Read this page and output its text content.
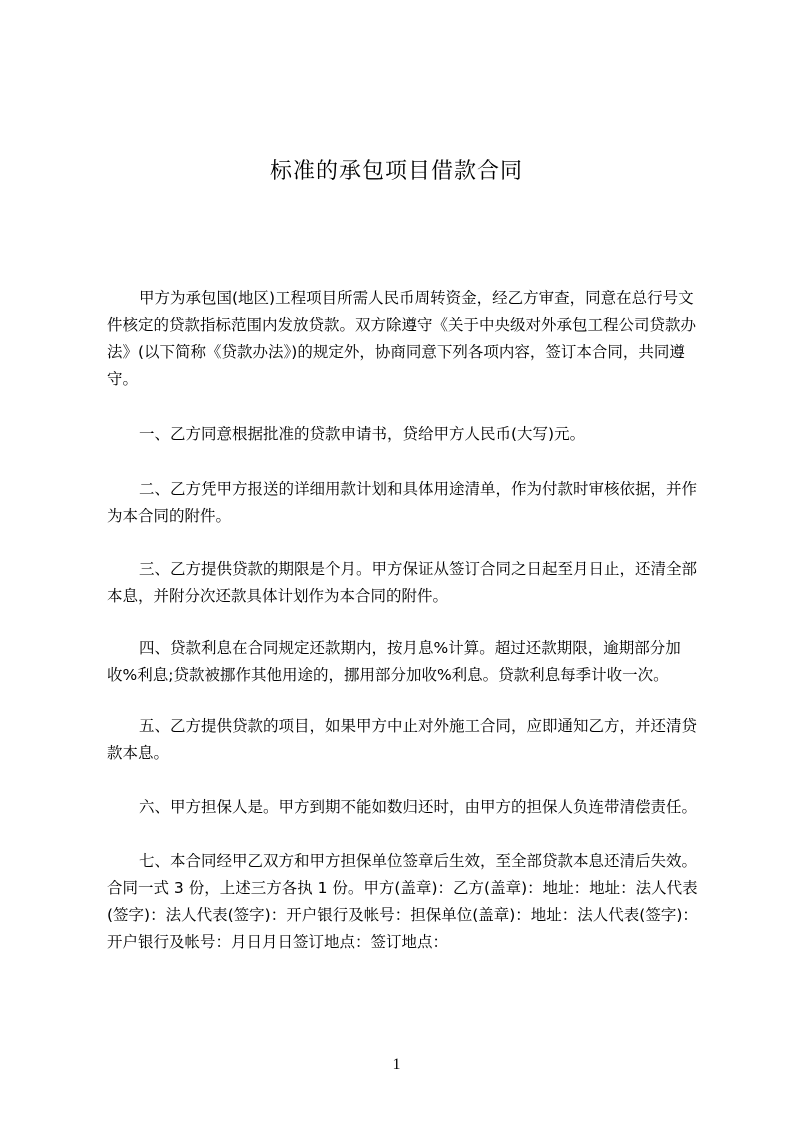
标准的承包项目借款合同

甲方为承包国(地区)工程项目所需人民币周转资金，经乙方审查，同意在总行号文件核定的贷款指标范围内发放贷款。双方除遵守《关于中央级对外承包工程公司贷款办法》(以下简称《贷款办法》)的规定外，协商同意下列各项内容，签订本合同，共同遵守。

一、乙方同意根据批准的贷款申请书，贷给甲方人民币(大写)元。

二、乙方凭甲方报送的详细用款计划和具体用途清单，作为付款时审核依据，并作为本合同的附件。

三、乙方提供贷款的期限是个月。甲方保证从签订合同之日起至月日止，还清全部本息，并附分次还款具体计划作为本合同的附件。

四、贷款利息在合同规定还款期内，按月息%计算。超过还款期限，逾期部分加收%利息;贷款被挪作其他用途的，挪用部分加收%利息。贷款利息每季计收一次。

五、乙方提供贷款的项目，如果甲方中止对外施工合同，应即通知乙方，并还清贷款本息。

六、甲方担保人是。甲方到期不能如数归还时，由甲方的担保人负连带清偿责任。

七、本合同经甲乙双方和甲方担保单位签章后生效，至全部贷款本息还清后失效。合同一式 3 份，上述三方各执 1 份。甲方(盖章)：乙方(盖章)：地址：地址：法人代表(签字)：法人代表(签字)：开户银行及帐号：担保单位(盖章)：地址：法人代表(签字)：开户银行及帐号：月日月日签订地点：签订地点：

1
